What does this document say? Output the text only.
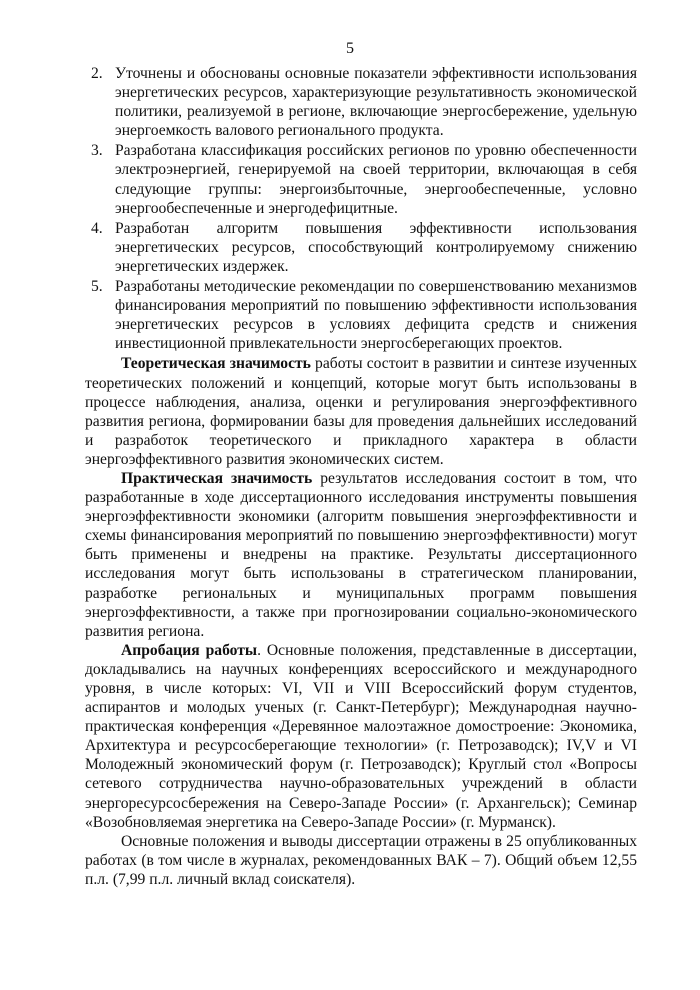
5
2. Уточнены и обоснованы основные показатели эффективности использования энергетических ресурсов, характеризующие результативность экономической политики, реализуемой в регионе, включающие энергосбережение, удельную энергоемкость валового регионального продукта.
3. Разработана классификация российских регионов по уровню обеспеченности электроэнергией, генерируемой на своей территории, включающая в себя следующие группы: энергоизбыточные, энергообеспеченные, условно энергообеспеченные и энергодефицитные.
4. Разработан алгоритм повышения эффективности использования энергетических ресурсов, способствующий контролируемому снижению энергетических издержек.
5. Разработаны методические рекомендации по совершенствованию механизмов финансирования мероприятий по повышению эффективности использования энергетических ресурсов в условиях дефицита средств и снижения инвестиционной привлекательности энергосберегающих проектов.

Теоретическая значимость работы состоит в развитии и синтезе изученных теоретических положений и концепций, которые могут быть использованы в процессе наблюдения, анализа, оценки и регулирования энергоэффективного развития региона, формировании базы для проведения дальнейших исследований и разработок теоретического и прикладного характера в области энергоэффективного развития экономических систем.

Практическая значимость результатов исследования состоит в том, что разработанные в ходе диссертационного исследования инструменты повышения энергоэффективности экономики (алгоритм повышения энергоэффективности и схемы финансирования мероприятий по повышению энергоэффективности) могут быть применены и внедрены на практике. Результаты диссертационного исследования могут быть использованы в стратегическом планировании, разработке региональных и муниципальных программ повышения энергоэффективности, а также при прогнозировании социально-экономического развития региона.

Апробация работы. Основные положения, представленные в диссертации, докладывались на научных конференциях всероссийского и международного уровня, в числе которых: VI, VII и VIII Всероссийский форум студентов, аспирантов и молодых ученых (г. Санкт-Петербург); Международная научно-практическая конференция «Деревянное малоэтажное домостроение: Экономика, Архитектура и ресурсосберегающие технологии» (г. Петрозаводск); IV,V и VI Молодежный экономический форум (г. Петрозаводск); Круглый стол «Вопросы сетевого сотрудничества научно-образовательных учреждений в области энергоресурсосбережения на Северо-Западе России» (г. Архангельск); Семинар «Возобновляемая энергетика на Северо-Западе России» (г. Мурманск).

Основные положения и выводы диссертации отражены в 25 опубликованных работах (в том числе в журналах, рекомендованных ВАК – 7). Общий объем 12,55 п.л. (7,99 п.л. личный вклад соискателя).
